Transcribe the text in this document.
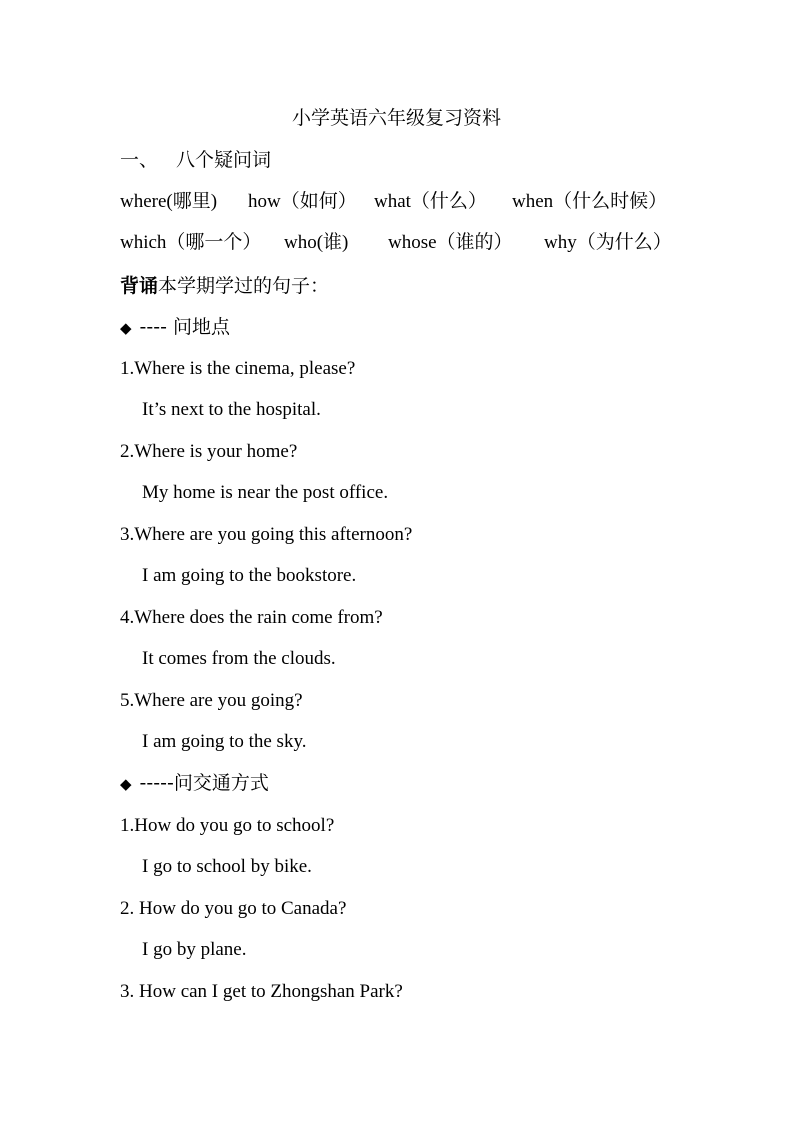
小学英语六年级复习资料
一、 八个疑问词
where(哪里) how（如何） what（什么） when（什么时候）
which（哪一个） who(谁) whose（谁的） why（为什么）
背诵本学期学过的句子：
◆ ---- 问地点
1.Where is the cinema, please?
It’s next to the hospital.
2.Where is your home?
My home is near the post office.
3.Where are you going this afternoon?
I am going to the bookstore.
4.Where does the rain come from?
It comes from the clouds.
5.Where are you going?
I am going to the sky.
◆ -----问交通方式
1.How do you go to school?
I go to school by bike.
2. How do you go to Canada?
I go by plane.
3. How can I get to Zhongshan Park?
